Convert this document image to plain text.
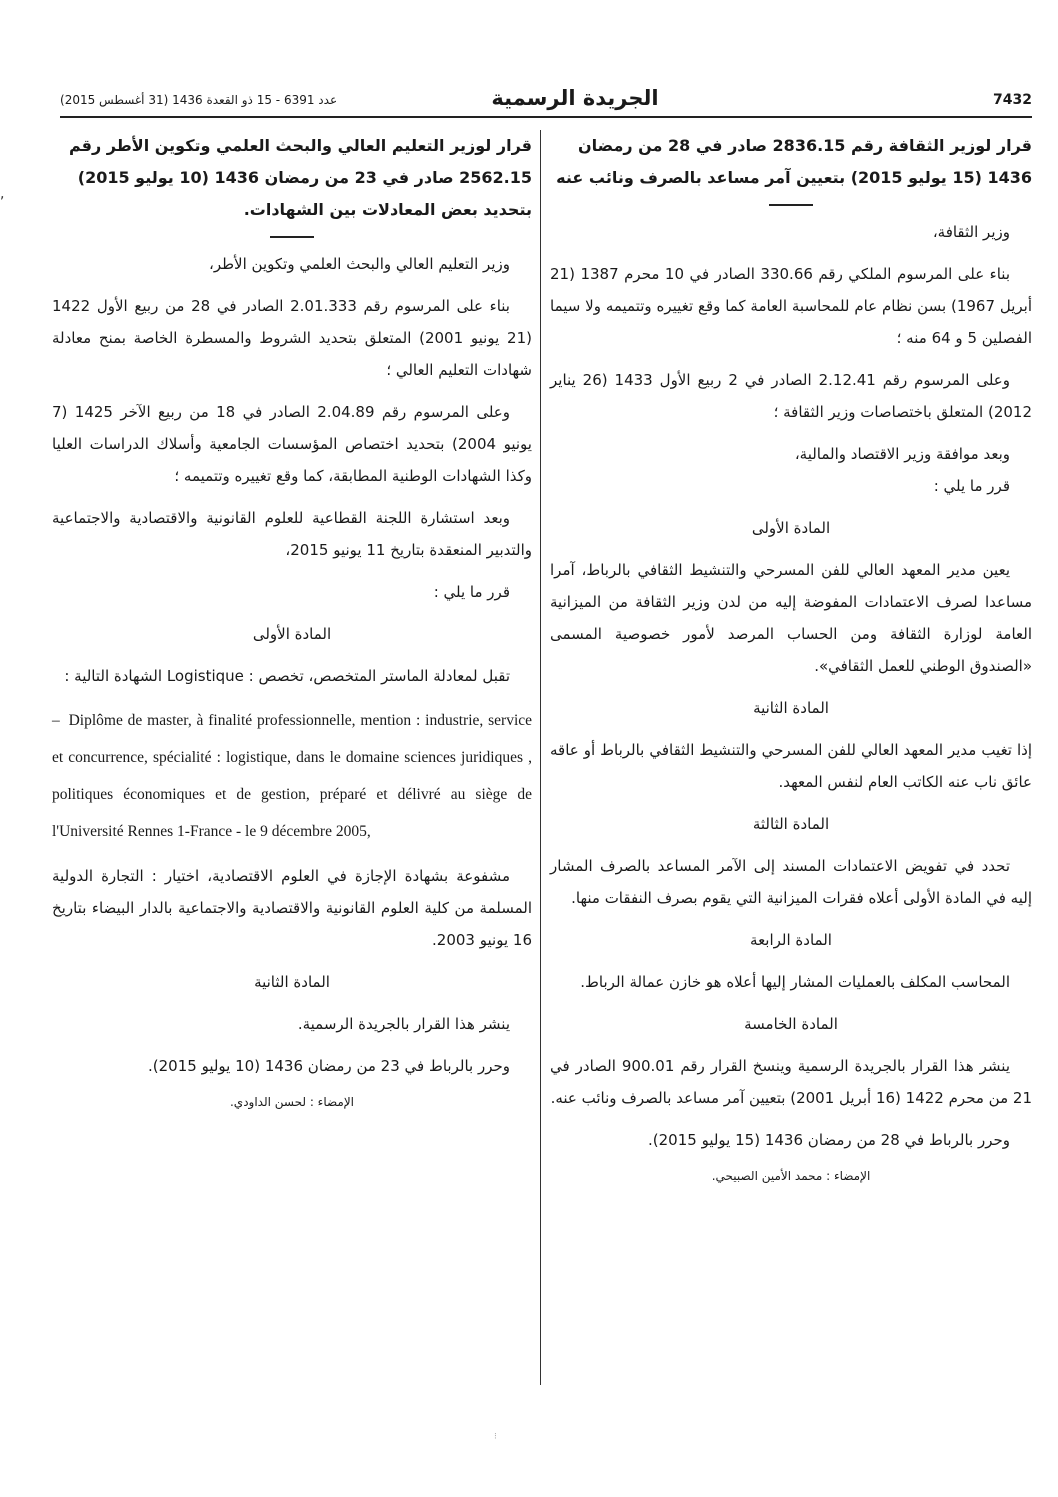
7432
الجريدة الرسمية
عدد 6391 - 15 ذو القعدة 1436 (31 أغسطس 2015)
,
قرار لوزير الثقافة رقم 2836.15 صادر في 28 من رمضان 1436 (15 يوليو 2015) بتعيين آمر مساعد بالصرف ونائب عنه

وزير الثقافة،

بناء على المرسوم الملكي رقم 330.66 الصادر في 10 محرم 1387 (21 أبريل 1967) بسن نظام عام للمحاسبة العامة كما وقع تغييره وتتميمه ولا سيما الفصلين 5 و 64 منه ؛

وعلى المرسوم رقم 2.12.41 الصادر في 2 ربيع الأول 1433 (26 يناير 2012) المتعلق باختصاصات وزير الثقافة ؛

وبعد موافقة وزير الاقتصاد والمالية،

قرر ما يلي :

المادة الأولى

يعين مدير المعهد العالي للفن المسرحي والتنشيط الثقافي بالرباط، آمرا مساعدا لصرف الاعتمادات المفوضة إليه من لدن وزير الثقافة من الميزانية العامة لوزارة الثقافة ومن الحساب المرصد لأمور خصوصية المسمى «الصندوق الوطني للعمل الثقافي».

المادة الثانية

إذا تغيب مدير المعهد العالي للفن المسرحي والتنشيط الثقافي بالرباط أو عاقه عائق ناب عنه الكاتب العام لنفس المعهد.

المادة الثالثة

تحدد في تفويض الاعتمادات المسند إلى الآمر المساعد بالصرف المشار إليه في المادة الأولى أعلاه فقرات الميزانية التي يقوم بصرف النفقات منها.

المادة الرابعة

المحاسب المكلف بالعمليات المشار إليها أعلاه هو خازن عمالة الرباط.

المادة الخامسة

ينشر هذا القرار بالجريدة الرسمية وينسخ القرار رقم 900.01 الصادر في 21 من محرم 1422 (16 أبريل 2001) بتعيين آمر مساعد بالصرف ونائب عنه.

وحرر بالرباط في 28 من رمضان 1436 (15 يوليو 2015).

الإمضاء : محمد الأمين الصبيحي.

قرار لوزير التعليم العالي والبحث العلمي وتكوين الأطر رقم 2562.15 صادر في 23 من رمضان 1436 (10 يوليو 2015) بتحديد بعض المعادلات بين الشهادات.

وزير التعليم العالي والبحث العلمي وتكوين الأطر،

بناء على المرسوم رقم 2.01.333 الصادر في 28 من ربيع الأول 1422 (21 يونيو 2001) المتعلق بتحديد الشروط والمسطرة الخاصة بمنح معادلة شهادات التعليم العالي ؛

وعلى المرسوم رقم 2.04.89 الصادر في 18 من ربيع الآخر 1425 (7 يونيو 2004) بتحديد اختصاص المؤسسات الجامعية وأسلاك الدراسات العليا وكذا الشهادات الوطنية المطابقة، كما وقع تغييره وتتميمه ؛

وبعد استشارة اللجنة القطاعية للعلوم القانونية والاقتصادية والاجتماعية والتدبير المنعقدة بتاريخ 11 يونيو 2015،

قرر ما يلي :

المادة الأولى

تقبل لمعادلة الماستر المتخصص، تخصص : Logistique الشهادة التالية :

– Diplôme de master, à finalité professionnelle, mention : industrie, service et concurrence, spécialité : logistique, dans le domaine sciences juridiques , politiques économiques et de gestion, préparé et délivré au siège de l'Université Rennes 1-France - le 9 décembre 2005,

مشفوعة بشهادة الإجازة في العلوم الاقتصادية، اختيار : التجارة الدولية المسلمة من كلية العلوم القانونية والاقتصادية والاجتماعية بالدار البيضاء بتاريخ 16 يونيو 2003.

المادة الثانية

ينشر هذا القرار بالجريدة الرسمية.

وحرر بالرباط في 23 من رمضان 1436 (10 يوليو 2015).

الإمضاء : لحسن الداودي.

⁝
